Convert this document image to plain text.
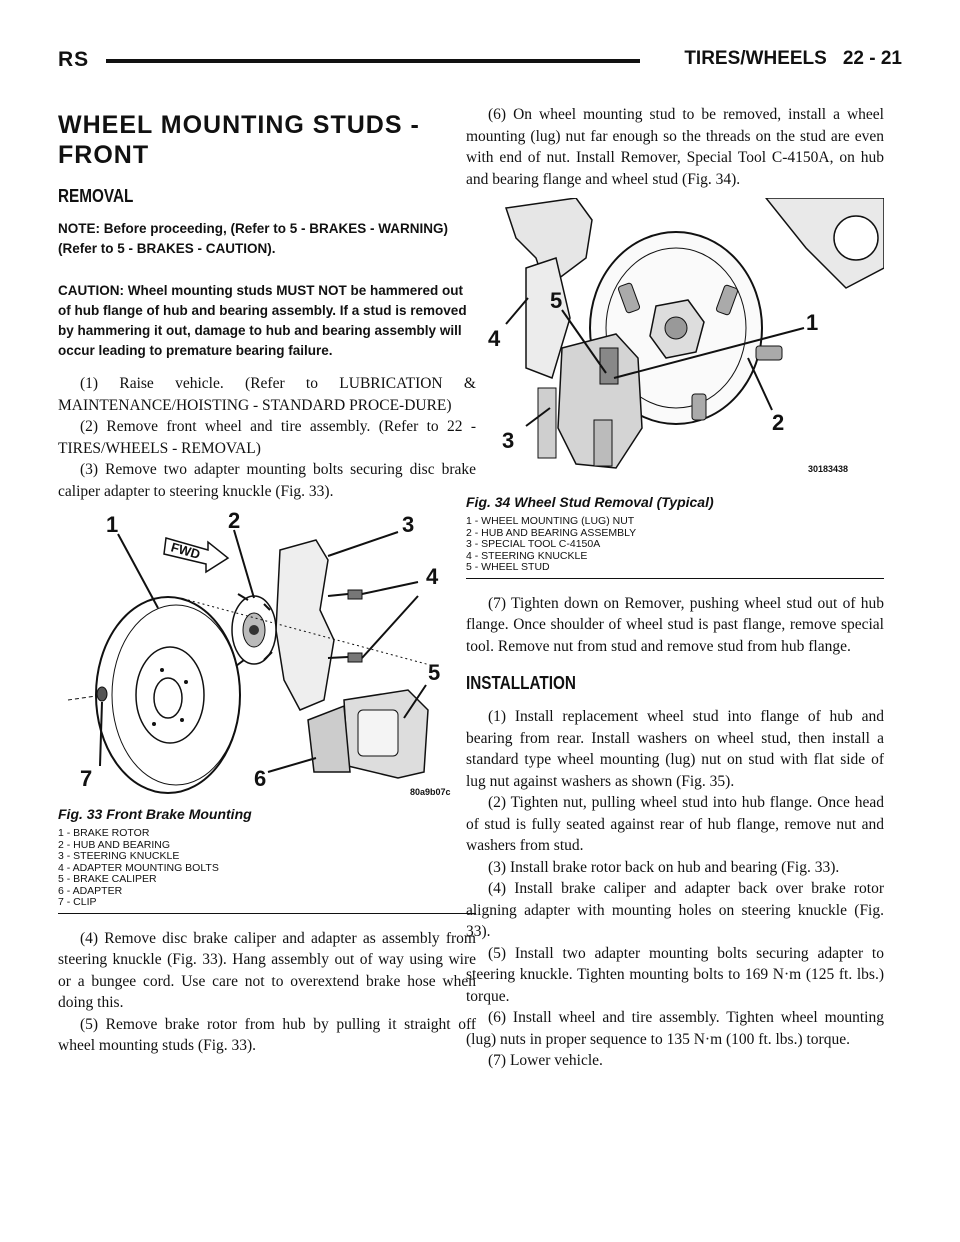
RS	TIRES/WHEELS 22 - 21
WHEEL MOUNTING STUDS -
FRONT
REMOVAL

NOTE: Before proceeding, (Refer to 5 - BRAKES - WARNING)(Refer to 5 - BRAKES - CAUTION).

CAUTION: Wheel mounting studs MUST NOT be hammered out of hub flange of hub and bearing assembly. If a stud is removed by hammering it out, damage to hub and bearing assembly will occur leading to premature bearing failure.

(1) Raise vehicle. (Refer to LUBRICATION & MAINTENANCE/HOISTING - STANDARD PROCE-DURE)

(2) Remove front wheel and tire assembly. (Refer to 22 - TIRES/WHEELS - REMOVAL)

(3) Remove two adapter mounting bolts securing disc brake caliper adapter to steering knuckle (Fig. 33).

1	2	3
4
5
6
7
FWD
80a9b07c
Fig. 33 Front Brake Mounting
1 - BRAKE ROTOR
2 - HUB AND BEARING
3 - STEERING KNUCKLE
4 - ADAPTER MOUNTING BOLTS
5 - BRAKE CALIPER
6 - ADAPTER
7 - CLIP

(4) Remove disc brake caliper and adapter as assembly from steering knuckle (Fig. 33). Hang assembly out of way using wire or a bungee cord. Use care not to overextend brake hose when doing this.

(5) Remove brake rotor from hub by pulling it straight off wheel mounting studs (Fig. 33).

(6) On wheel mounting stud to be removed, install a wheel mounting (lug) nut far enough so the threads on the stud are even with end of nut. Install Remover, Special Tool C-4150A, on hub and bearing flange and wheel stud (Fig. 34).

1
2
3
4
5
30183438
Fig. 34 Wheel Stud Removal (Typical)
1 - WHEEL MOUNTING (LUG) NUT
2 - HUB AND BEARING ASSEMBLY
3 - SPECIAL TOOL C-4150A
4 - STEERING KNUCKLE
5 - WHEEL STUD

(7) Tighten down on Remover, pushing wheel stud out of hub flange. Once shoulder of wheel stud is past flange, remove special tool. Remove nut from stud and remove stud from hub flange.

INSTALLATION

(1) Install replacement wheel stud into flange of hub and bearing from rear. Install washers on wheel stud, then install a standard type wheel mounting (lug) nut on stud with flat side of lug nut against washers as shown (Fig. 35).

(2) Tighten nut, pulling wheel stud into hub flange. Once head of stud is fully seated against rear of hub flange, remove nut and washers from stud.

(3) Install brake rotor back on hub and bearing (Fig. 33).

(4) Install brake caliper and adapter back over brake rotor aligning adapter with mounting holes on steering knuckle (Fig. 33).

(5) Install two adapter mounting bolts securing adapter to steering knuckle. Tighten mounting bolts to 169 N·m (125 ft. lbs.) torque.

(6) Install wheel and tire assembly. Tighten wheel mounting (lug) nuts in proper sequence to 135 N·m (100 ft. lbs.) torque.

(7) Lower vehicle.
